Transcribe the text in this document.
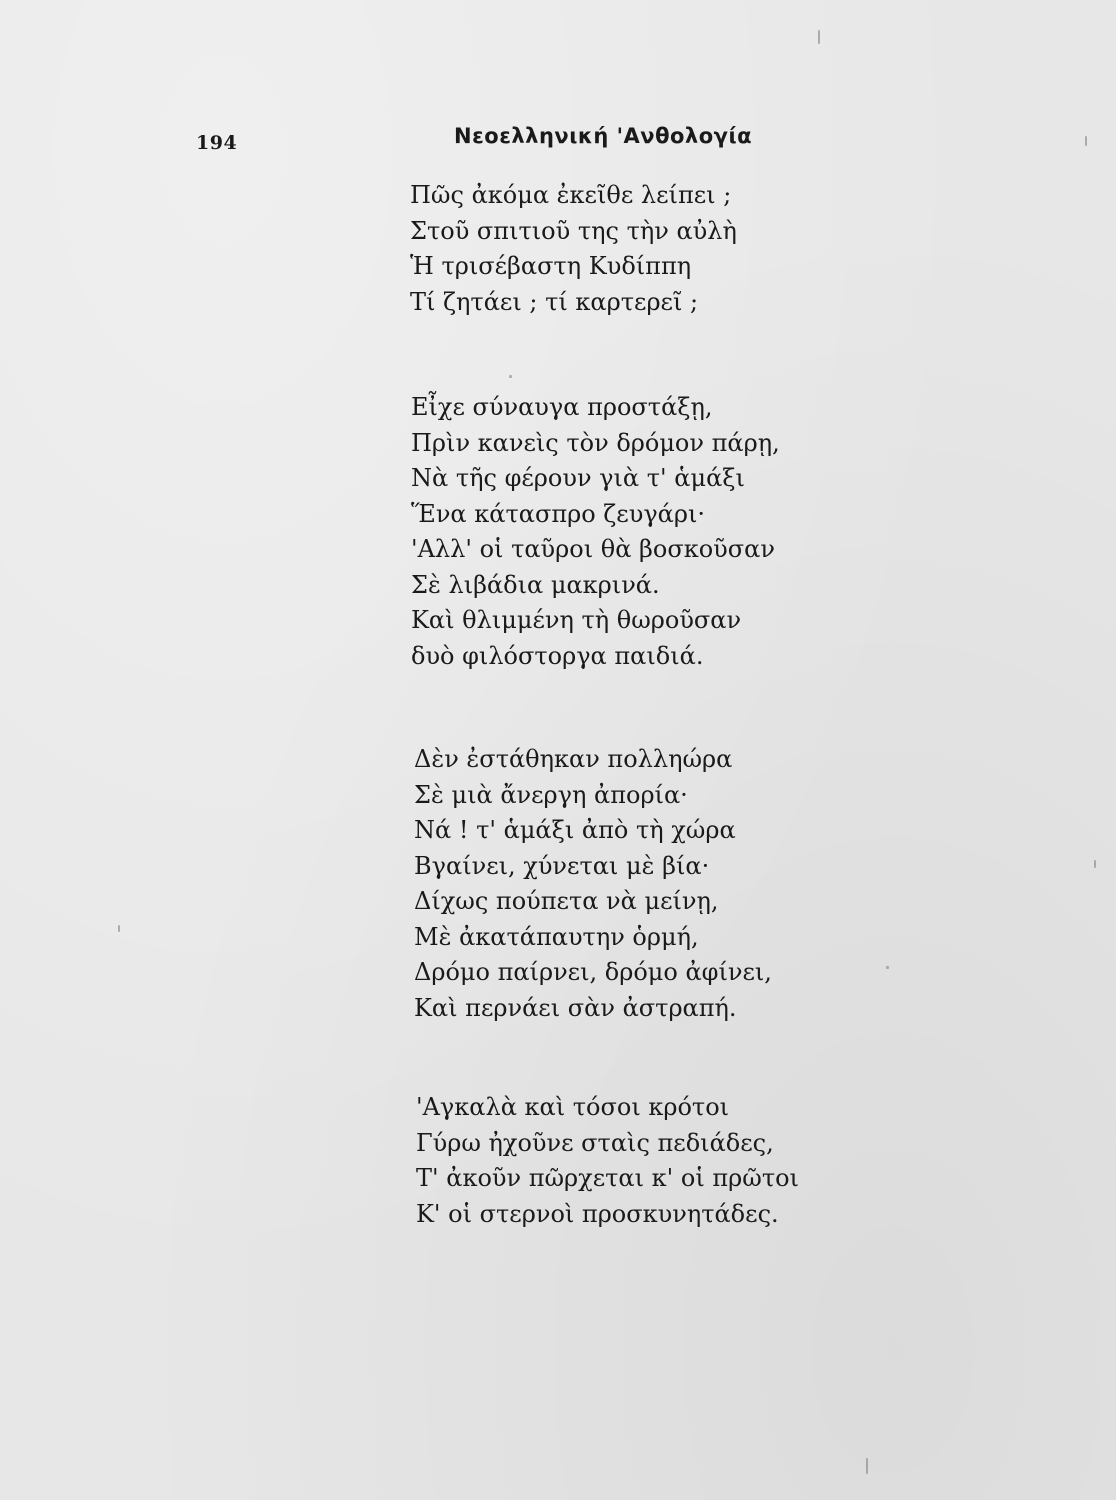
194	Νεοελληνική 'Ανθολογία
Πῶς ἀκόμα ἐκεῖθε λείπει ;
Στοῦ σπιτιοῦ της τὴν αὐλὴ
Ἡ τρισέβαστη Κυδίππη
Τί ζητάει ; τί καρτερεῖ ;
Εἶχε σύναυγα προστάξῃ,
Πρὶν κανεὶς τὸν δρόμον πάρῃ,
Νὰ τῆς φέρουν γιὰ τ' ἁμάξι
Ἕνα κάτασπρο ζευγάρι·
'Αλλ' οἱ ταῦροι θὰ βοσκοῦσαν
Σὲ λιβάδια μακρινά.
Καὶ θλιμμένη τὴ θωροῦσαν
δυὸ φιλόστοργα παιδιά.
Δὲν ἐστάθηκαν πολληώρα
Σὲ μιὰ ἄνεργη ἀπορία·
Νά ! τ' ἁμάξι ἀπὸ τὴ χώρα
Βγαίνει, χύνεται μὲ βία·
Δίχως πούπετα νὰ μείνῃ,
Μὲ ἀκατάπαυτην ὁρμή,
Δρόμο παίρνει, δρόμο ἀφίνει,
Καὶ περνάει σὰν ἀστραπή.
'Αγκαλὰ καὶ τόσοι κρότοι
Γύρω ἠχοῦνε σταὶς πεδιάδες,
Τ' ἀκοῦν πῶρχεται κ' οἱ πρῶτοι
Κ' οἱ στερνοὶ προσκυνητάδες.
